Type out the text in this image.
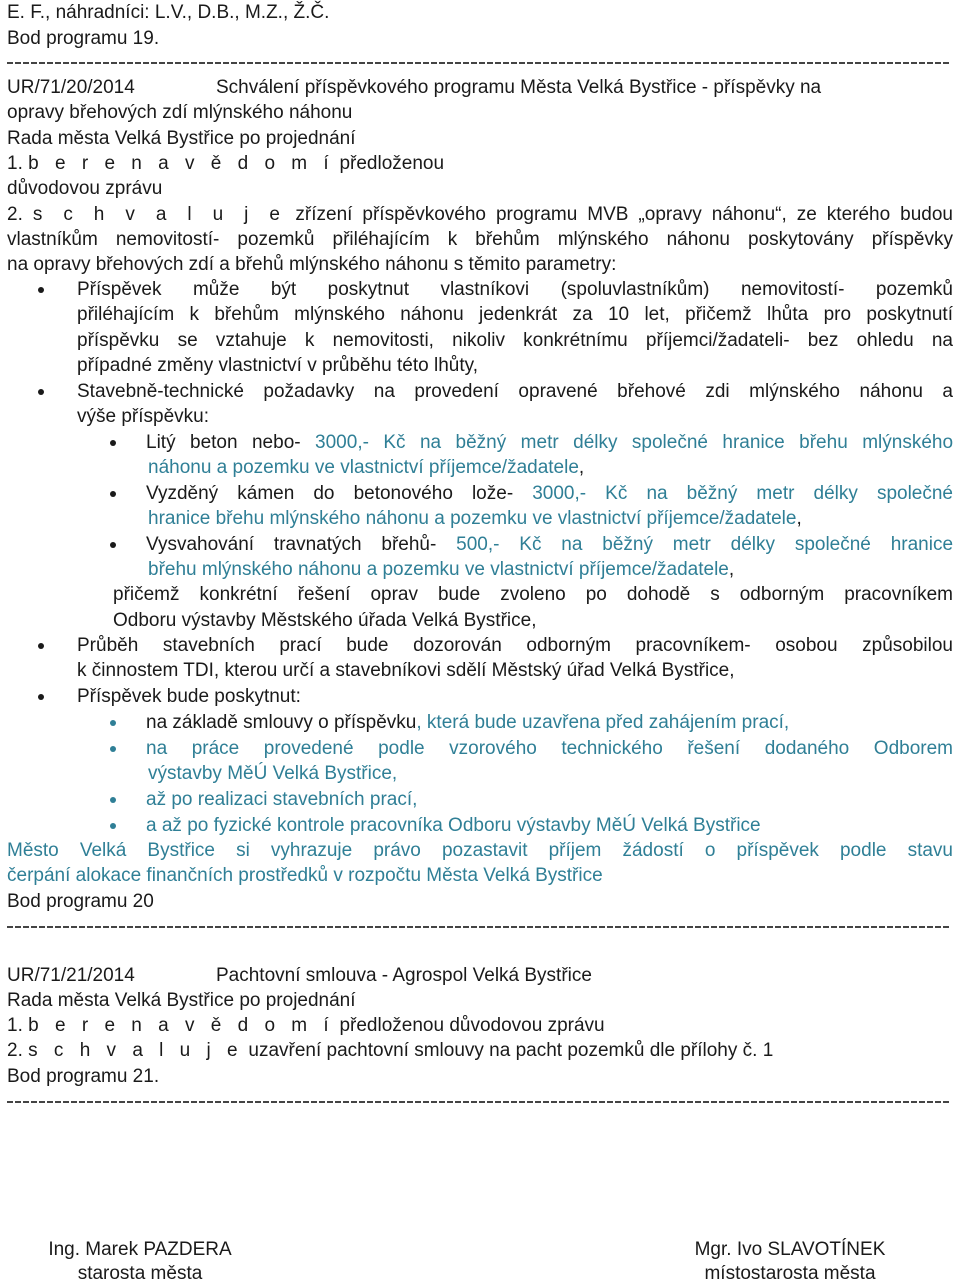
E. F., náhradníci: L.V., D.B., M.Z., Ž.Č.
Bod programu 19.
UR/71/20/2014	Schválení příspěvkového programu Města Velká Bystřice - příspěvky na
opravy břehových zdí mlýnského náhonu
Rada města Velká Bystřice po projednání
1. b e r e n a v ě d o m í předloženou
důvodovou zprávu
2. s c h v a l u j e zřízení příspěvkového programu MVB „opravy náhonu“, ze kterého budou
vlastníkům nemovitostí- pozemků přiléhajícím k břehům mlýnského náhonu poskytovány příspěvky
na opravy břehových zdí a břehů mlýnského náhonu s těmito parametry:
Příspěvek může být poskytnut vlastníkovi (spoluvlastníkům) nemovitostí- pozemků
přiléhajícím k břehům mlýnského náhonu jedenkrát za 10 let, přičemž lhůta pro poskytnutí
příspěvku se vztahuje k nemovitosti, nikoliv konkrétnímu příjemci/žadateli- bez ohledu na
případné změny vlastnictví v průběhu této lhůty,
Stavebně-technické požadavky na provedení opravené břehové zdi mlýnského náhonu a
výše příspěvku:
Litý beton nebo- 3000,- Kč na běžný metr délky společné hranice břehu mlýnského
náhonu a pozemku ve vlastnictví příjemce/žadatele,
Vyzděný kámen do betonového lože- 3000,- Kč na běžný metr délky společné
hranice břehu mlýnského náhonu a pozemku ve vlastnictví příjemce/žadatele,
Vysvahování travnatých břehů- 500,- Kč na běžný metr délky společné hranice
břehu mlýnského náhonu a pozemku ve vlastnictví příjemce/žadatele,
přičemž konkrétní řešení oprav bude zvoleno po dohodě s odborným pracovníkem
Odboru výstavby Městského úřada Velká Bystřice,
Průběh stavebních prací bude dozorován odborným pracovníkem- osobou způsobilou
k činnostem TDI, kterou určí a stavebníkovi sdělí Městský úřad Velká Bystřice,
Příspěvek bude poskytnut:
na základě smlouvy o příspěvku, která bude uzavřena před zahájením prací,
na práce provedené podle vzorového technického řešení dodaného Odborem
výstavby MěÚ Velká Bystřice,
až po realizaci stavebních prací,
a až po fyzické kontrole pracovníka Odboru výstavby MěÚ Velká Bystřice
Město Velká Bystřice si vyhrazuje právo pozastavit příjem žádostí o příspěvek podle stavu
čerpání alokace finančních prostředků v rozpočtu Města Velká Bystřice
Bod programu 20
UR/71/21/2014	Pachtovní smlouva - Agrospol Velká Bystřice
Rada města Velká Bystřice po projednání
1. b e r e n a v ě d o m í předloženou důvodovou zprávu
2. s c h v a l u j e uzavření pachtovní smlouvy na pacht pozemků dle přílohy č. 1
Bod programu 21.
Ing. Marek PAZDERA
starosta města
Mgr. Ivo SLAVOTÍNEK
místostarosta města
